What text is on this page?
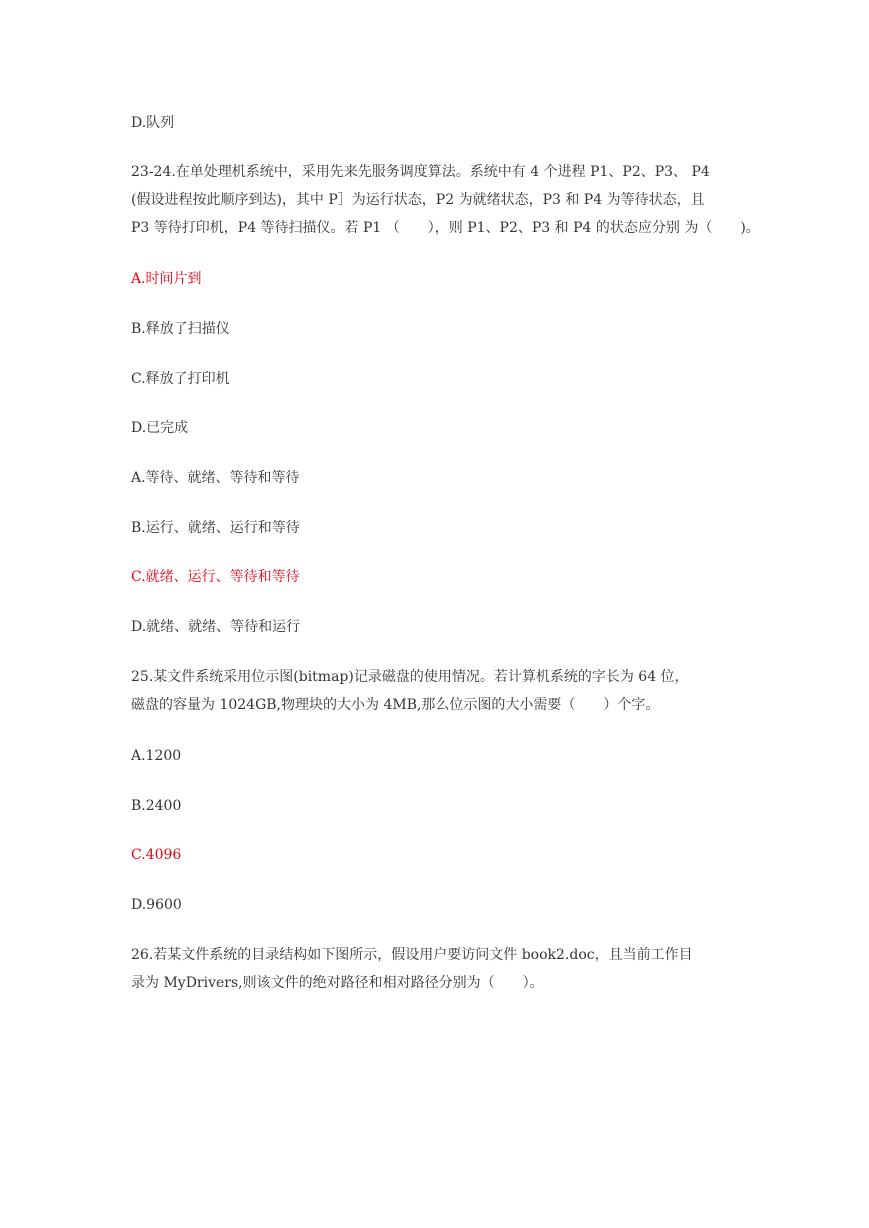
D.队列
23-24.在单处理机系统中，采用先来先服务调度算法。系统中有 4 个进程 P1、P2、P3、 P4
(假设进程按此顺序到达)，其中 P］为运行状态，P2 为就绪状态，P3 和 P4 为等待状态，且
P3 等待打印机，P4 等待扫描仪。若 P1 （　　），则 P1、P2、P3 和 P4 的状态应分别 为（　　)。
A.时间片到
B.释放了扫描仪
C.释放了打印机
D.已完成
A.等待、就绪、等待和等待
B.运行、就绪、运行和等待
C.就绪、运行、等待和等待
D.就绪、就绪、等待和运行
25.某文件系统采用位示图(bitmap)记录磁盘的使用情况。若计算机系统的字长为 64 位，
磁盘的容量为 1024GB,物理块的大小为 4MB,那么位示图的大小需要（　　）个字。
A.1200
B.2400
C.4096
D.9600
26.若某文件系统的目录结构如下图所示，假设用户要访问文件 book2.doc，且当前工作目
录为 MyDrivers,则该文件的绝对路径和相对路径分别为（　　）。
